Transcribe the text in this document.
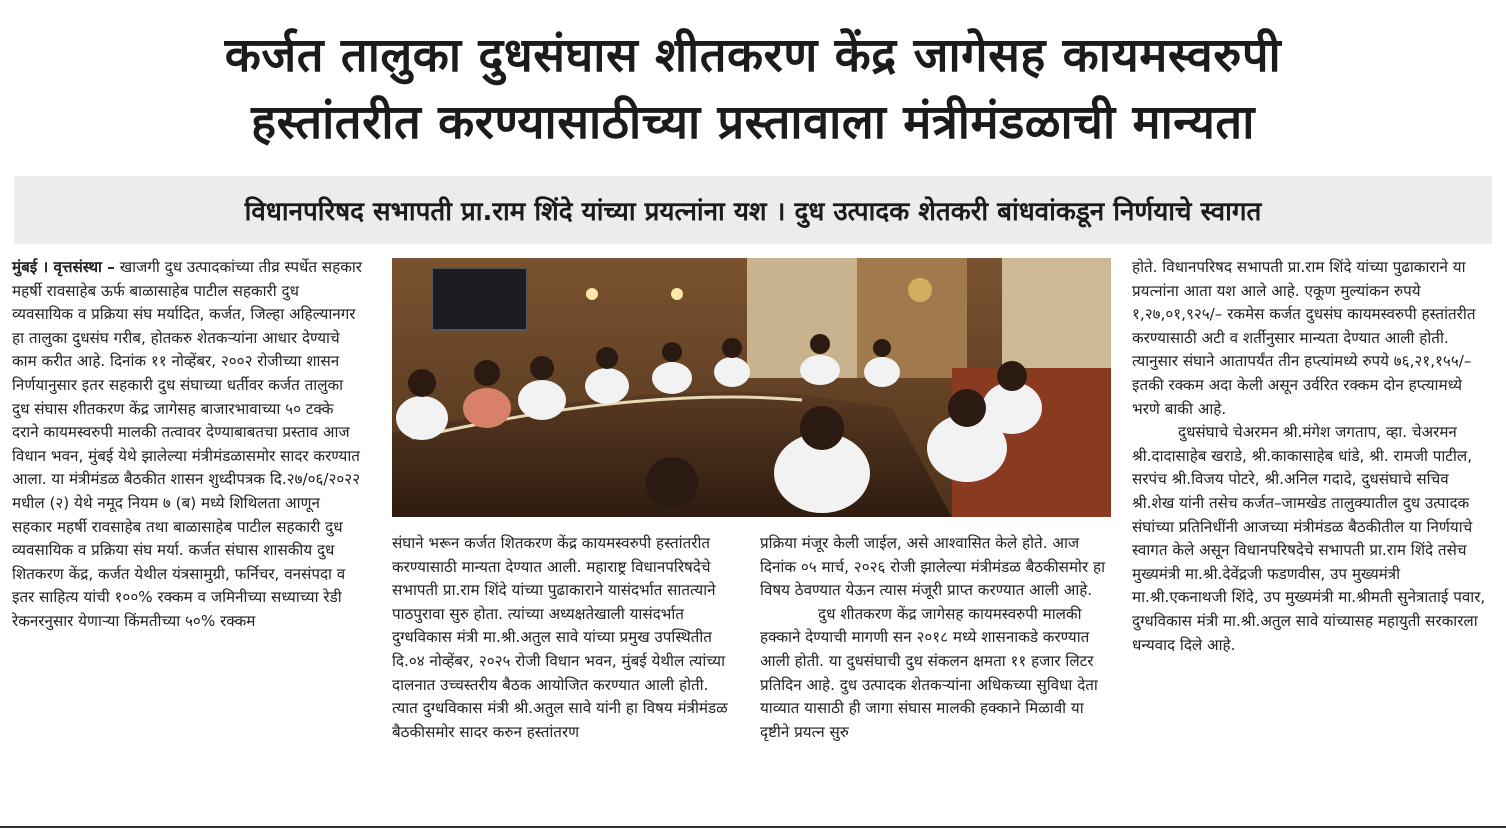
कर्जत तालुका दुधसंघास शीतकरण केंद्र जागेसह कायमस्वरुपी
हस्तांतरीत करण्यासाठीच्या प्रस्तावाला मंत्रीमंडळाची मान्यता
विधानपरिषद सभापती प्रा.राम शिंदे यांच्या प्रयत्नांना यश । दुध उत्पादक शेतकरी बांधवांकडून निर्णयाचे स्वागत

मुंबई । वृत्तसंस्था – खाजगी दुध उत्पादकांच्या तीव्र स्पर्धेत सहकार महर्षी रावसाहेब ऊर्फ बाळासाहेब पाटील सहकारी दुध व्यवसायिक व प्रक्रिया संघ मर्यादित, कर्जत, जिल्हा अहिल्यानगर हा तालुका दुधसंघ गरीब, होतकरु शेतकऱ्यांना आधार देण्याचे काम करीत आहे. दिनांक ११ नोव्हेंबर, २००२ रोजीच्या शासन निर्णयानुसार इतर सहकारी दुध संघाच्या धर्तीवर कर्जत तालुका दुध संघास शीतकरण केंद्र जागेसह बाजारभावाच्या ५० टक्के दराने कायमस्वरुपी मालकी तत्वावर देण्याबाबतचा प्रस्ताव आज विधान भवन, मुंबई येथे झालेल्या मंत्रीमंडळासमोर सादर करण्यात आला. या मंत्रीमंडळ बैठकीत शासन शुध्दीपत्रक दि.२७/०६/२०२२ मधील (२) येथे नमूद नियम ७ (ब) मध्ये शिथिलता आणून सहकार महर्षी रावसाहेब तथा बाळासाहेब पाटील सहकारी दुध व्यवसायिक व प्रक्रिया संघ मर्या. कर्जत संघास शासकीय दुध शितकरण केंद्र, कर्जत येथील यंत्रसामुग्री, फर्निचर, वनसंपदा व इतर साहित्य यांची १००% रक्कम व जमिनीच्या सध्याच्या रेडी रेकनरनुसार येणाऱ्या किंमतीच्या ५०% रक्कम

संघाने भरून कर्जत शितकरण केंद्र कायमस्वरुपी हस्तांतरीत करण्यासाठी मान्यता देण्यात आली. महाराष्ट्र विधानपरिषदेचे सभापती प्रा.राम शिंदे यांच्या पुढाकाराने यासंदर्भात सातत्याने पाठपुरावा सुरु होता. त्यांच्या अध्यक्षतेखाली यासंदर्भात दुग्धविकास मंत्री मा.श्री.अतुल सावे यांच्या प्रमुख उपस्थितीत दि.०४ नोव्हेंबर, २०२५ रोजी विधान भवन, मुंबई येथील त्यांच्या दालनात उच्चस्तरीय बैठक आयोजित करण्यात आली होती. त्यात दुग्धविकास मंत्री श्री.अतुल सावे यांनी हा विषय मंत्रीमंडळ बैठकीसमोर सादर करुन हस्तांतरण

प्रक्रिया मंजूर केली जाईल, असे आश्वासित केले होते. आज दिनांक ०५ मार्च, २०२६ रोजी झालेल्या मंत्रीमंडळ बैठकीसमोर हा विषय ठेवण्यात येऊन त्यास मंजूरी प्राप्त करण्यात आली आहे.

दुध शीतकरण केंद्र जागेसह कायमस्वरुपी मालकी हक्काने देण्याची मागणी सन २०१८ मध्ये शासनाकडे करण्यात आली होती. या दुधसंघाची दुध संकलन क्षमता ११ हजार लिटर प्रतिदिन आहे. दुध उत्पादक शेतकऱ्यांना अधिकच्या सुविधा देता याव्यात यासाठी ही जागा संघास मालकी हक्काने मिळावी या दृष्टीने प्रयत्न सुरु

होते. विधानपरिषद सभापती प्रा.राम शिंदे यांच्या पुढाकाराने या प्रयत्नांना आता यश आले आहे. एकूण मुल्यांकन रुपये १,२७,०१,९२५/– रकमेस कर्जत दुधसंघ कायमस्वरुपी हस्तांतरीत करण्यासाठी अटी व शर्तीनुसार मान्यता देण्यात आली होती. त्यानुसार संघाने आतापर्यंत तीन हप्त्यांमध्ये रुपये ७६,२१,१५५/– इतकी रक्कम अदा केली असून उर्वरित रक्कम दोन हप्त्यामध्ये भरणे बाकी आहे.

दुधसंघाचे चेअरमन श्री.मंगेश जगताप, व्हा. चेअरमन श्री.दादासाहेब खराडे, श्री.काकासाहेब धांडे, श्री. रामजी पाटील, सरपंच श्री.विजय पोटरे, श्री.अनिल गदादे, दुधसंघाचे सचिव श्री.शेख यांनी तसेच कर्जत–जामखेड तालुक्यातील दुध उत्पादक संघांच्या प्रतिनिधींनी आजच्या मंत्रीमंडळ बैठकीतील या निर्णयाचे स्वागत केले असून विधानपरिषदेचे सभापती प्रा.राम शिंदे तसेच मुख्यमंत्री मा.श्री.देवेंद्रजी फडणवीस, उप मुख्यमंत्री मा.श्री.एकनाथजी शिंदे, उप मुख्यमंत्री मा.श्रीमती सुनेत्राताई पवार, दुग्धविकास मंत्री मा.श्री.अतुल सावे यांच्यासह महायुती सरकारला धन्यवाद दिले आहे.
